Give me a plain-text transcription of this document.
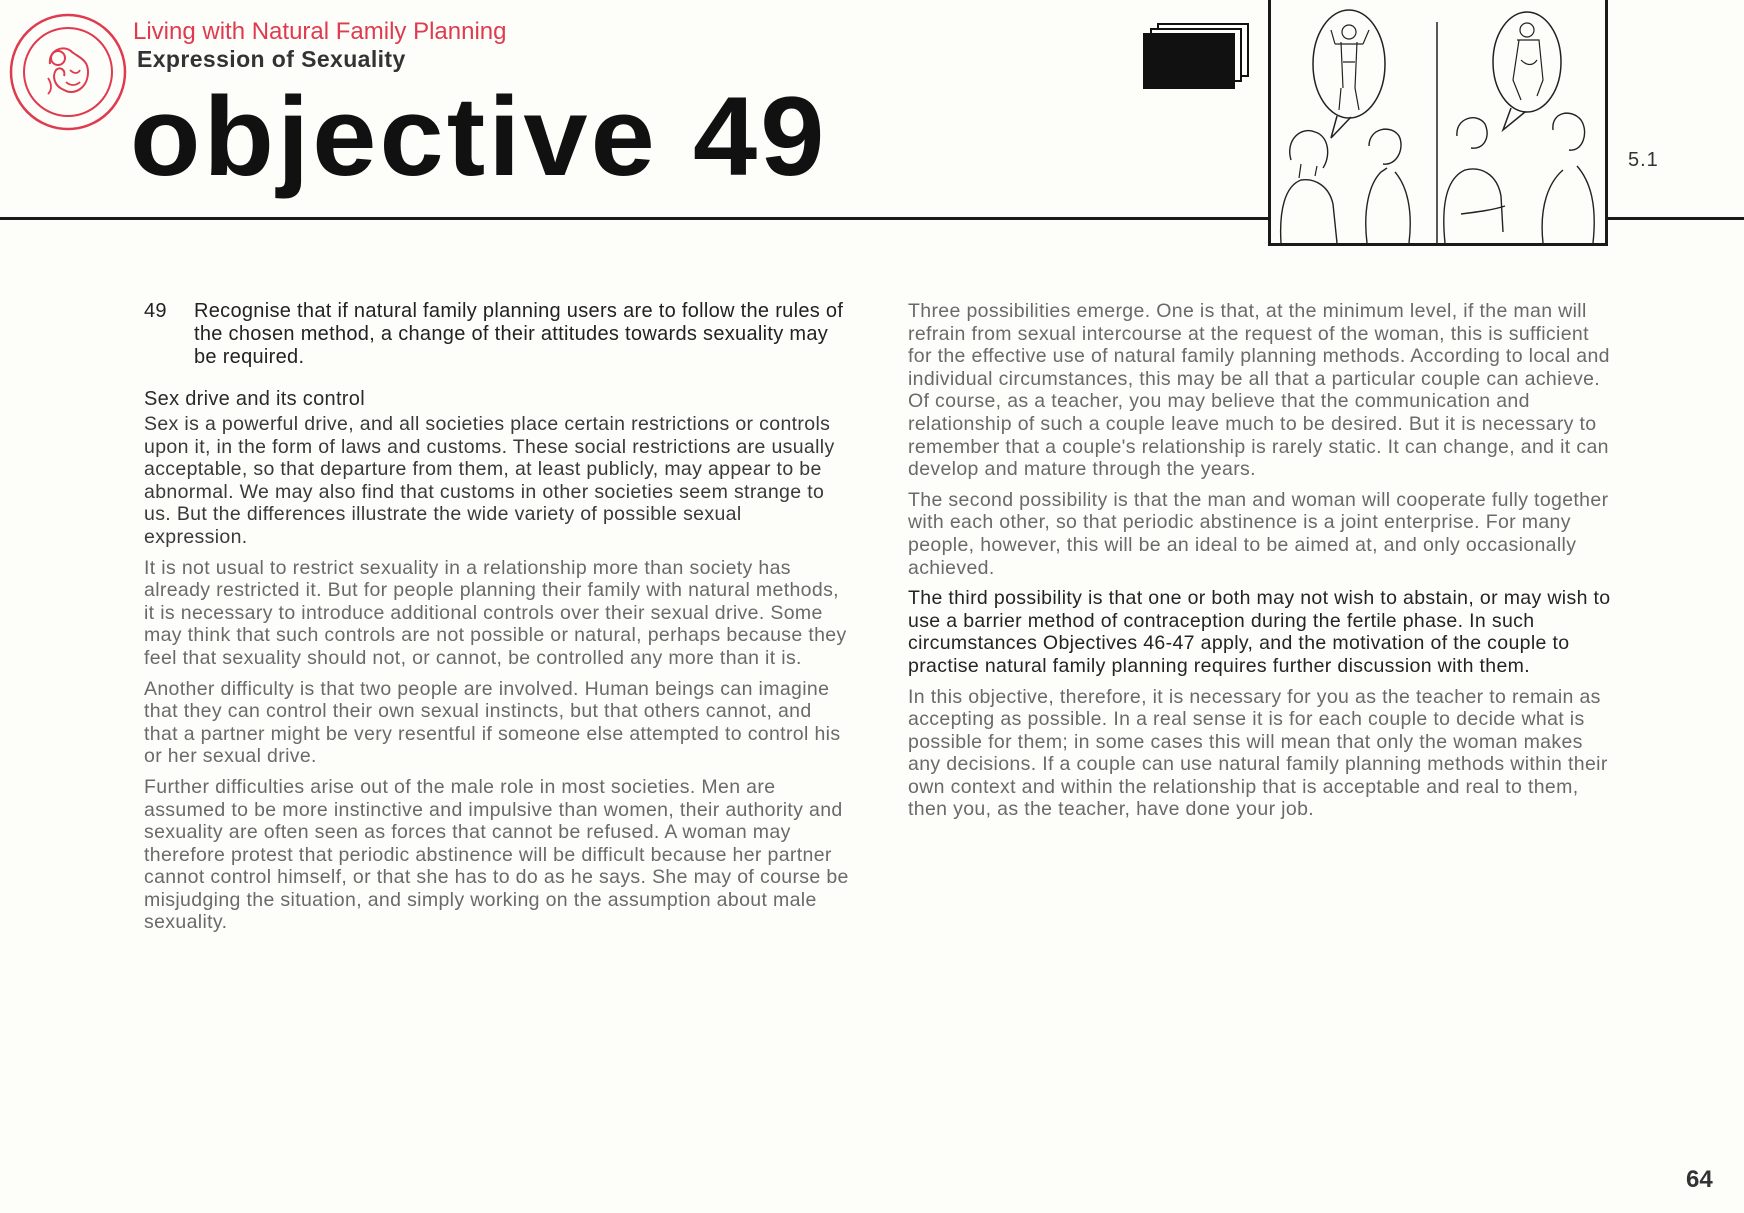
Living with Natural Family Planning
Expression of Sexuality
objective 49	5.1

49	Recognise that if natural family planning users are to follow the rules of the chosen method, a change of their attitudes towards sexuality may be required.
Sex drive and its control

Sex is a powerful drive, and all societies place certain restrictions or controls upon it, in the form of laws and customs. These social restrictions are usually acceptable, so that departure from them, at least publicly, may appear to be abnormal. We may also find that customs in other societies seem strange to us. But the differences illustrate the wide variety of possible sexual expression.

It is not usual to restrict sexuality in a relationship more than society has already restricted it. But for people planning their family with natural methods, it is necessary to introduce additional controls over their sexual drive. Some may think that such controls are not possible or natural, perhaps because they feel that sexuality should not, or cannot, be controlled any more than it is.

Another difficulty is that two people are involved. Human beings can imagine that they can control their own sexual instincts, but that others cannot, and that a partner might be very resentful if someone else attempted to control his or her sexual drive.

Further difficulties arise out of the male role in most societies. Men are assumed to be more instinctive and impulsive than women, their authority and sexuality are often seen as forces that cannot be refused. A woman may therefore protest that periodic abstinence will be difficult because her partner cannot control himself, or that she has to do as he says. She may of course be misjudging the situation, and simply working on the assumption about male sexuality.

Three possibilities emerge. One is that, at the minimum level, if the man will refrain from sexual intercourse at the request of the woman, this is sufficient for the effective use of natural family planning methods. According to local and individual circumstances, this may be all that a particular couple can achieve. Of course, as a teacher, you may believe that the communication and relationship of such a couple leave much to be desired. But it is necessary to remember that a couple's relationship is rarely static. It can change, and it can develop and mature through the years.

The second possibility is that the man and woman will cooperate fully together with each other, so that periodic abstinence is a joint enterprise. For many people, however, this will be an ideal to be aimed at, and only occasionally achieved.

The third possibility is that one or both may not wish to abstain, or may wish to use a barrier method of contraception during the fertile phase. In such circumstances Objectives 46-47 apply, and the motivation of the couple to practise natural family planning requires further discussion with them.

In this objective, therefore, it is necessary for you as the teacher to remain as accepting as possible. In a real sense it is for each couple to decide what is possible for them; in some cases this will mean that only the woman makes any decisions. If a couple can use natural family planning methods within their own context and within the relationship that is acceptable and real to them, then you, as the teacher, have done your job.

64
